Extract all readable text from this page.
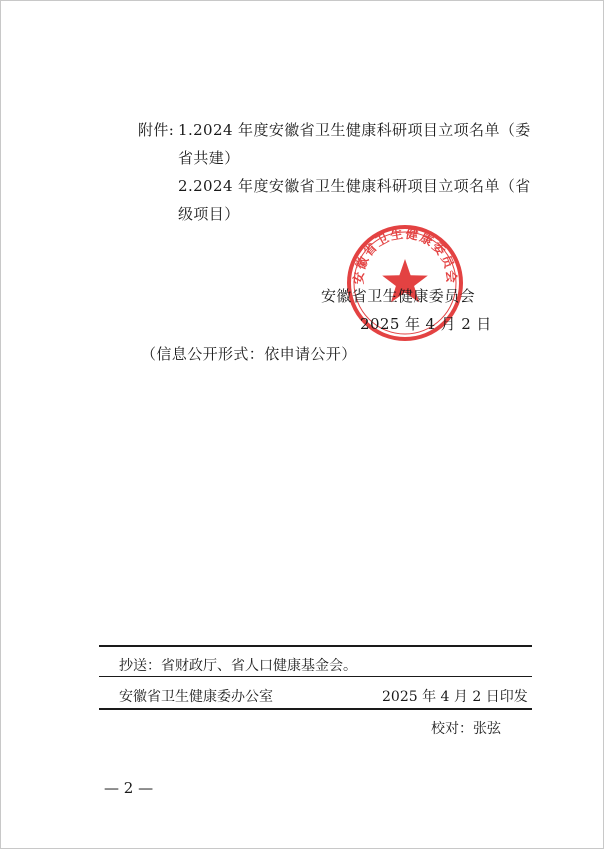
附件: 1.2024 年度安徽省卫生健康科研项目立项名单（委
省共建）
2.2024 年度安徽省卫生健康科研项目立项名单（省
级项目）
安徽省卫生健康委员会
安徽省卫生健康委员会
2025 年 4 月 2 日
（信息公开形式：依申请公开）
抄送：省财政厅、省人口健康基金会。
安徽省卫生健康委办公室	2025 年 4 月 2 日印发
校对：张弦
— 2 —
